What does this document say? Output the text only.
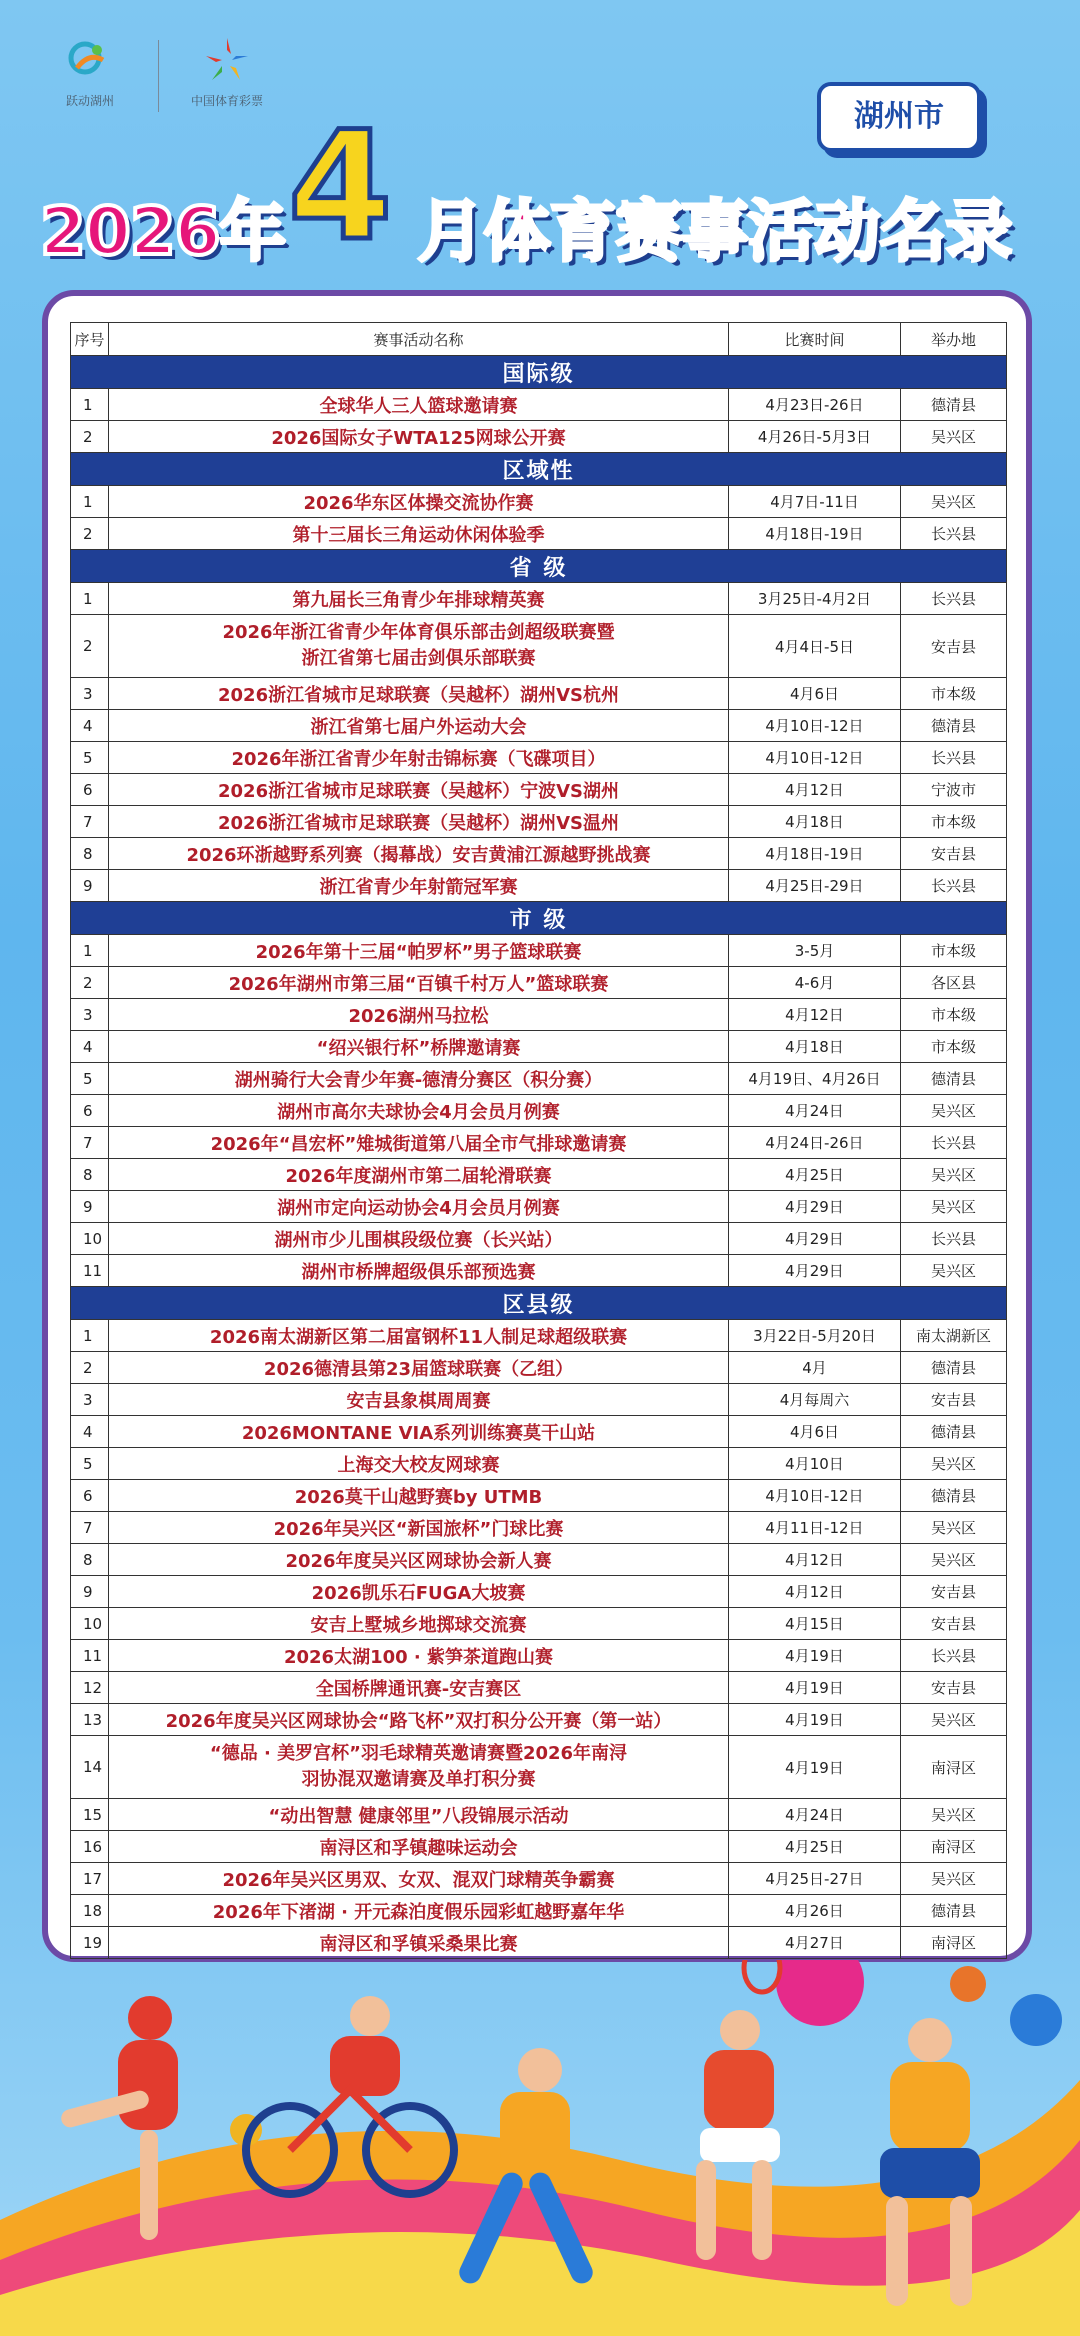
跃动湖州	中国体育彩票	湖州市
2026年 4 月体育赛事活动名录
序号	赛事活动名称	比赛时间	举办地
国际级			
1	全球华人三人篮球邀请赛	4月23日-26日	德清县
2	2026国际女子WTA125网球公开赛	4月26日-5月3日	吴兴区
区域性			
1	2026华东区体操交流协作赛	4月7日-11日	吴兴区
2	第十三届长三角运动休闲体验季	4月18日-19日	长兴县
省 级			
1	第九届长三角青少年排球精英赛	3月25日-4月2日	长兴县
2	2026年浙江省青少年体育俱乐部击剑超级联赛暨
浙江省第七届击剑俱乐部联赛	4月4日-5日	安吉县
3	2026浙江省城市足球联赛（吴越杯）湖州VS杭州	4月6日	市本级
4	浙江省第七届户外运动大会	4月10日-12日	德清县
5	2026年浙江省青少年射击锦标赛（飞碟项目）	4月10日-12日	长兴县
6	2026浙江省城市足球联赛（吴越杯）宁波VS湖州	4月12日	宁波市
7	2026浙江省城市足球联赛（吴越杯）湖州VS温州	4月18日	市本级
8	2026环浙越野系列赛（揭幕战）安吉黄浦江源越野挑战赛	4月18日-19日	安吉县
9	浙江省青少年射箭冠军赛	4月25日-29日	长兴县
市 级			
1	2026年第十三届“帕罗杯”男子篮球联赛	3-5月	市本级
2	2026年湖州市第三届“百镇千村万人”篮球联赛	4-6月	各区县
3	2026湖州马拉松	4月12日	市本级
4	“绍兴银行杯”桥牌邀请赛	4月18日	市本级
5	湖州骑行大会青少年赛-德清分赛区（积分赛）	4月19日、4月26日	德清县
6	湖州市高尔夫球协会4月会员月例赛	4月24日	吴兴区
7	2026年“昌宏杯”雉城街道第八届全市气排球邀请赛	4月24日-26日	长兴县
8	2026年度湖州市第二届轮滑联赛	4月25日	吴兴区
9	湖州市定向运动协会4月会员月例赛	4月29日	吴兴区
10	湖州市少儿围棋段级位赛（长兴站）	4月29日	长兴县
11	湖州市桥牌超级俱乐部预选赛	4月29日	吴兴区
区县级			
1	2026南太湖新区第二届富钢杯11人制足球超级联赛	3月22日-5月20日	南太湖新区
2	2026德清县第23届篮球联赛（乙组）	4月	德清县
3	安吉县象棋周周赛	4月每周六	安吉县
4	2026MONTANE VIA系列训练赛莫干山站	4月6日	德清县
5	上海交大校友网球赛	4月10日	吴兴区
6	2026莫干山越野赛by UTMB	4月10日-12日	德清县
7	2026年吴兴区“新国旅杯”门球比赛	4月11日-12日	吴兴区
8	2026年度吴兴区网球协会新人赛	4月12日	吴兴区
9	2026凯乐石FUGA大坡赛	4月12日	安吉县
10	安吉上墅城乡地掷球交流赛	4月15日	安吉县
11	2026太湖100 · 紫笋茶道跑山赛	4月19日	长兴县
12	全国桥牌通讯赛-安吉赛区	4月19日	安吉县
13	2026年度吴兴区网球协会“路飞杯”双打积分公开赛（第一站）	4月19日	吴兴区
14	“德品 · 美罗宫杯”羽毛球精英邀请赛暨2026年南浔
羽协混双邀请赛及单打积分赛	4月19日	南浔区
15	“动出智慧 健康邻里”八段锦展示活动	4月24日	吴兴区
16	南浔区和孚镇趣味运动会	4月25日	南浔区
17	2026年吴兴区男双、女双、混双门球精英争霸赛	4月25日-27日	吴兴区
18	2026年下渚湖 · 开元森泊度假乐园彩虹越野嘉年华	4月26日	德清县
19	南浔区和孚镇采桑果比赛	4月27日	南浔区
